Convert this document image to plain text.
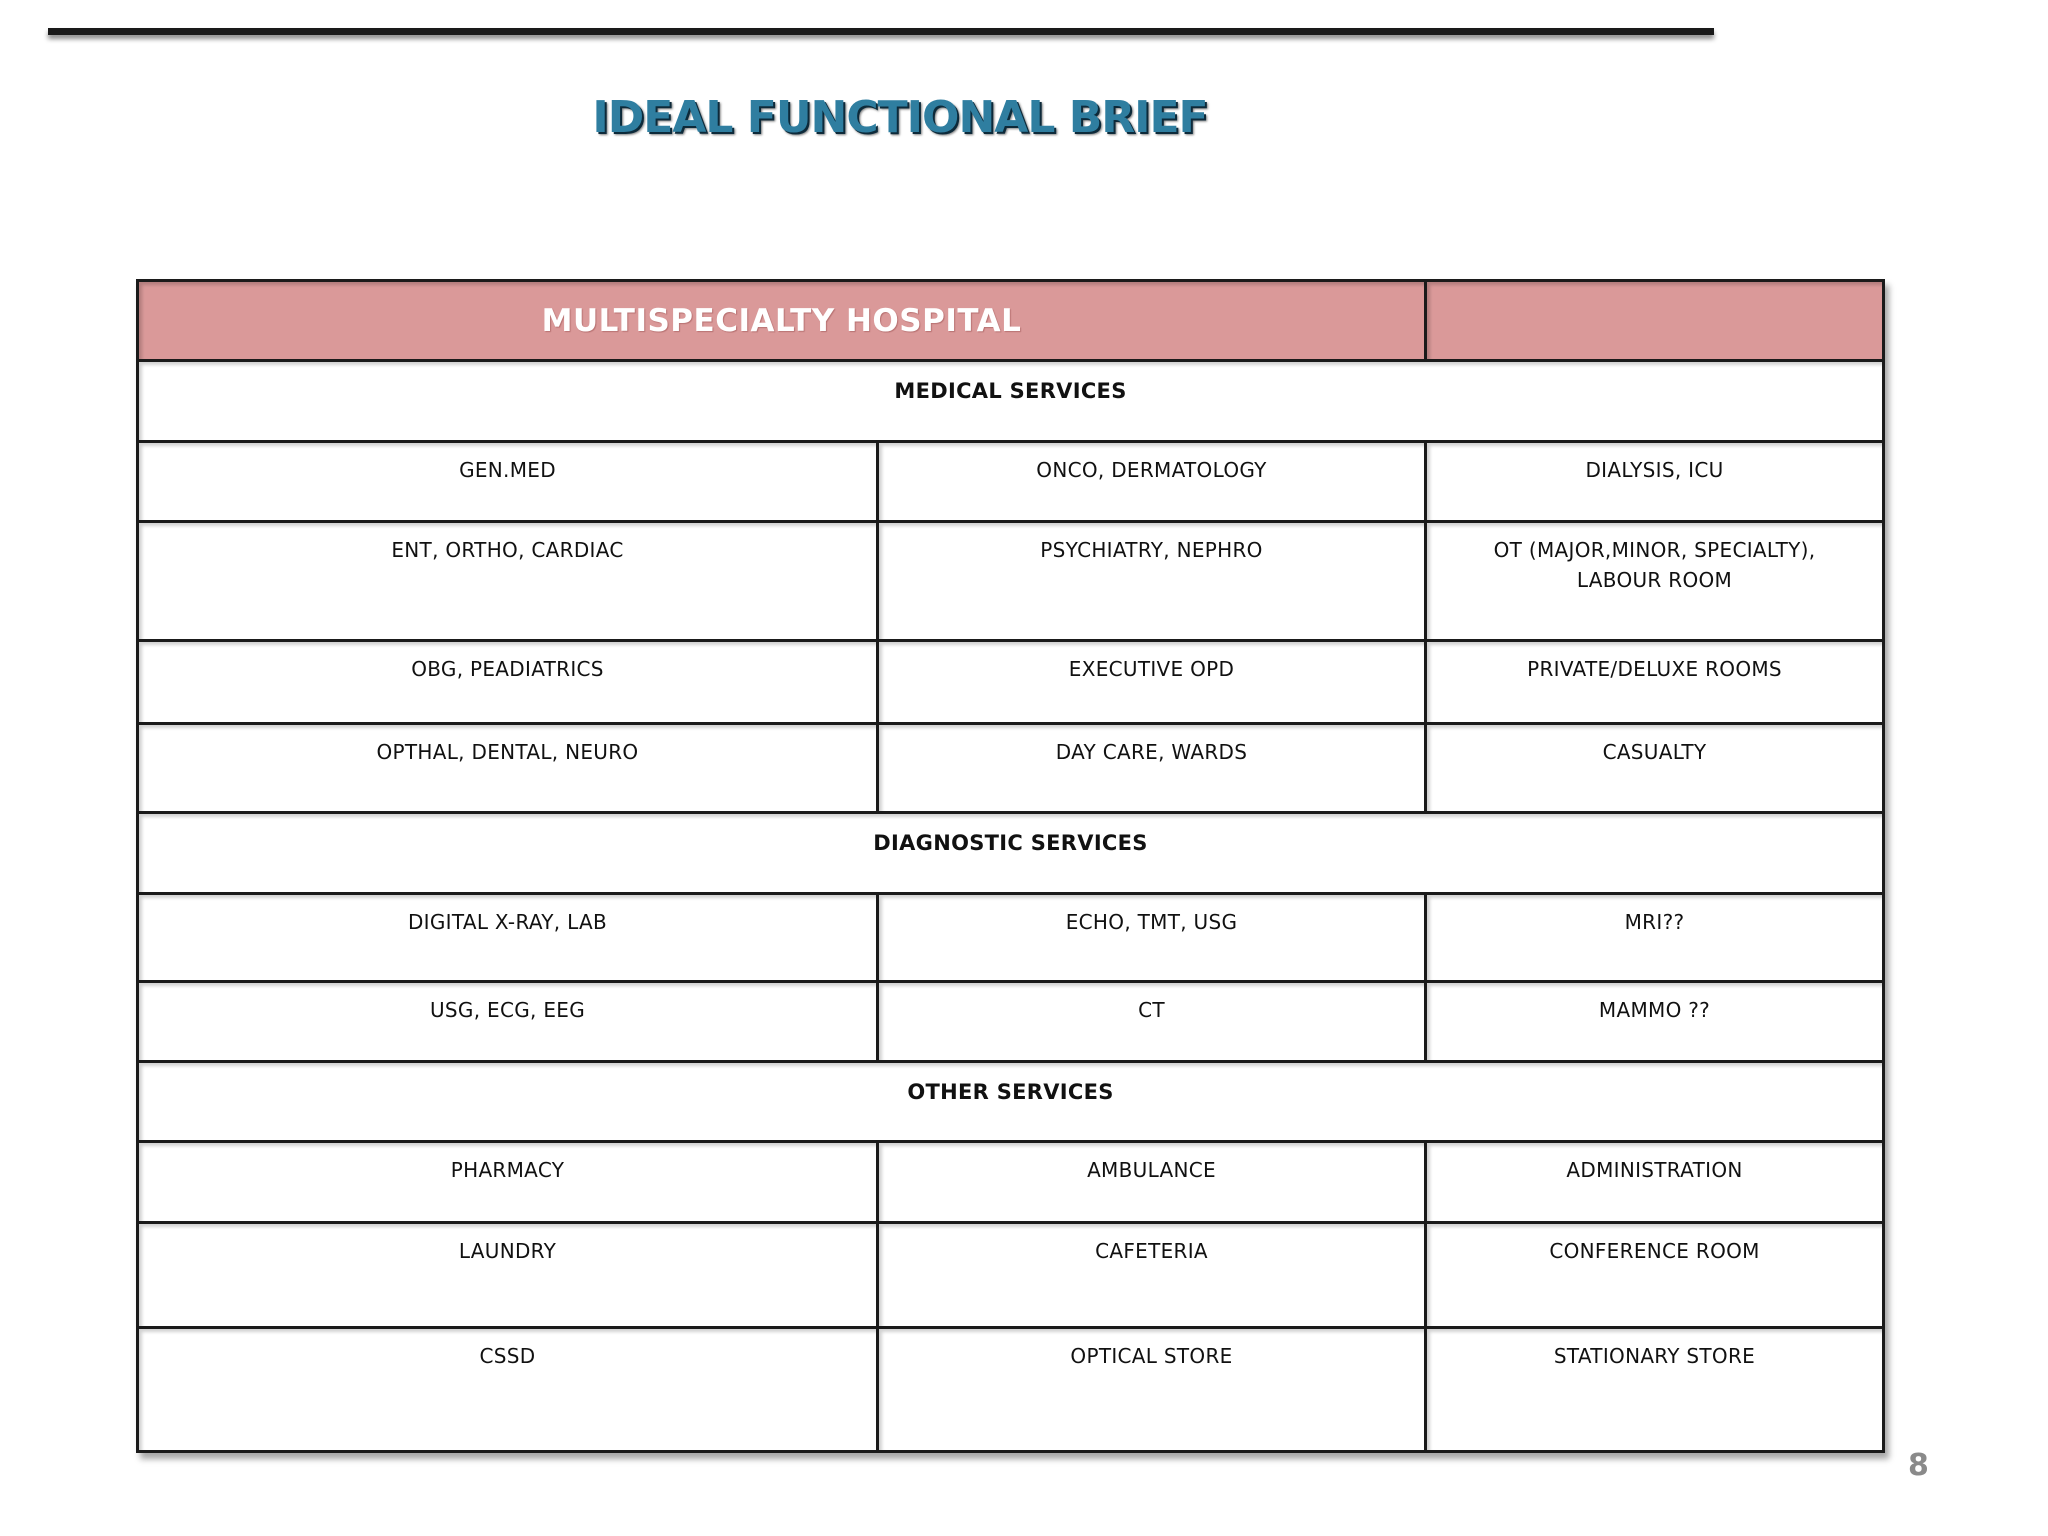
IDEAL FUNCTIONAL BRIEF
MULTISPECIALTY HOSPITAL		
MEDICAL SERVICES		
GEN.MED	ONCO, DERMATOLOGY	DIALYSIS, ICU
ENT, ORTHO, CARDIAC	PSYCHIATRY, NEPHRO	OT (MAJOR,MINOR, SPECIALTY),
LABOUR ROOM
OBG, PEADIATRICS	EXECUTIVE OPD	PRIVATE/DELUXE ROOMS
OPTHAL, DENTAL, NEURO	DAY CARE, WARDS	CASUALTY
DIAGNOSTIC SERVICES		
DIGITAL X-RAY, LAB	ECHO, TMT, USG	MRI??
USG, ECG, EEG	CT	MAMMO ??
OTHER SERVICES		
PHARMACY	AMBULANCE	ADMINISTRATION
LAUNDRY	CAFETERIA	CONFERENCE ROOM
CSSD	OPTICAL STORE	STATIONARY STORE
8
